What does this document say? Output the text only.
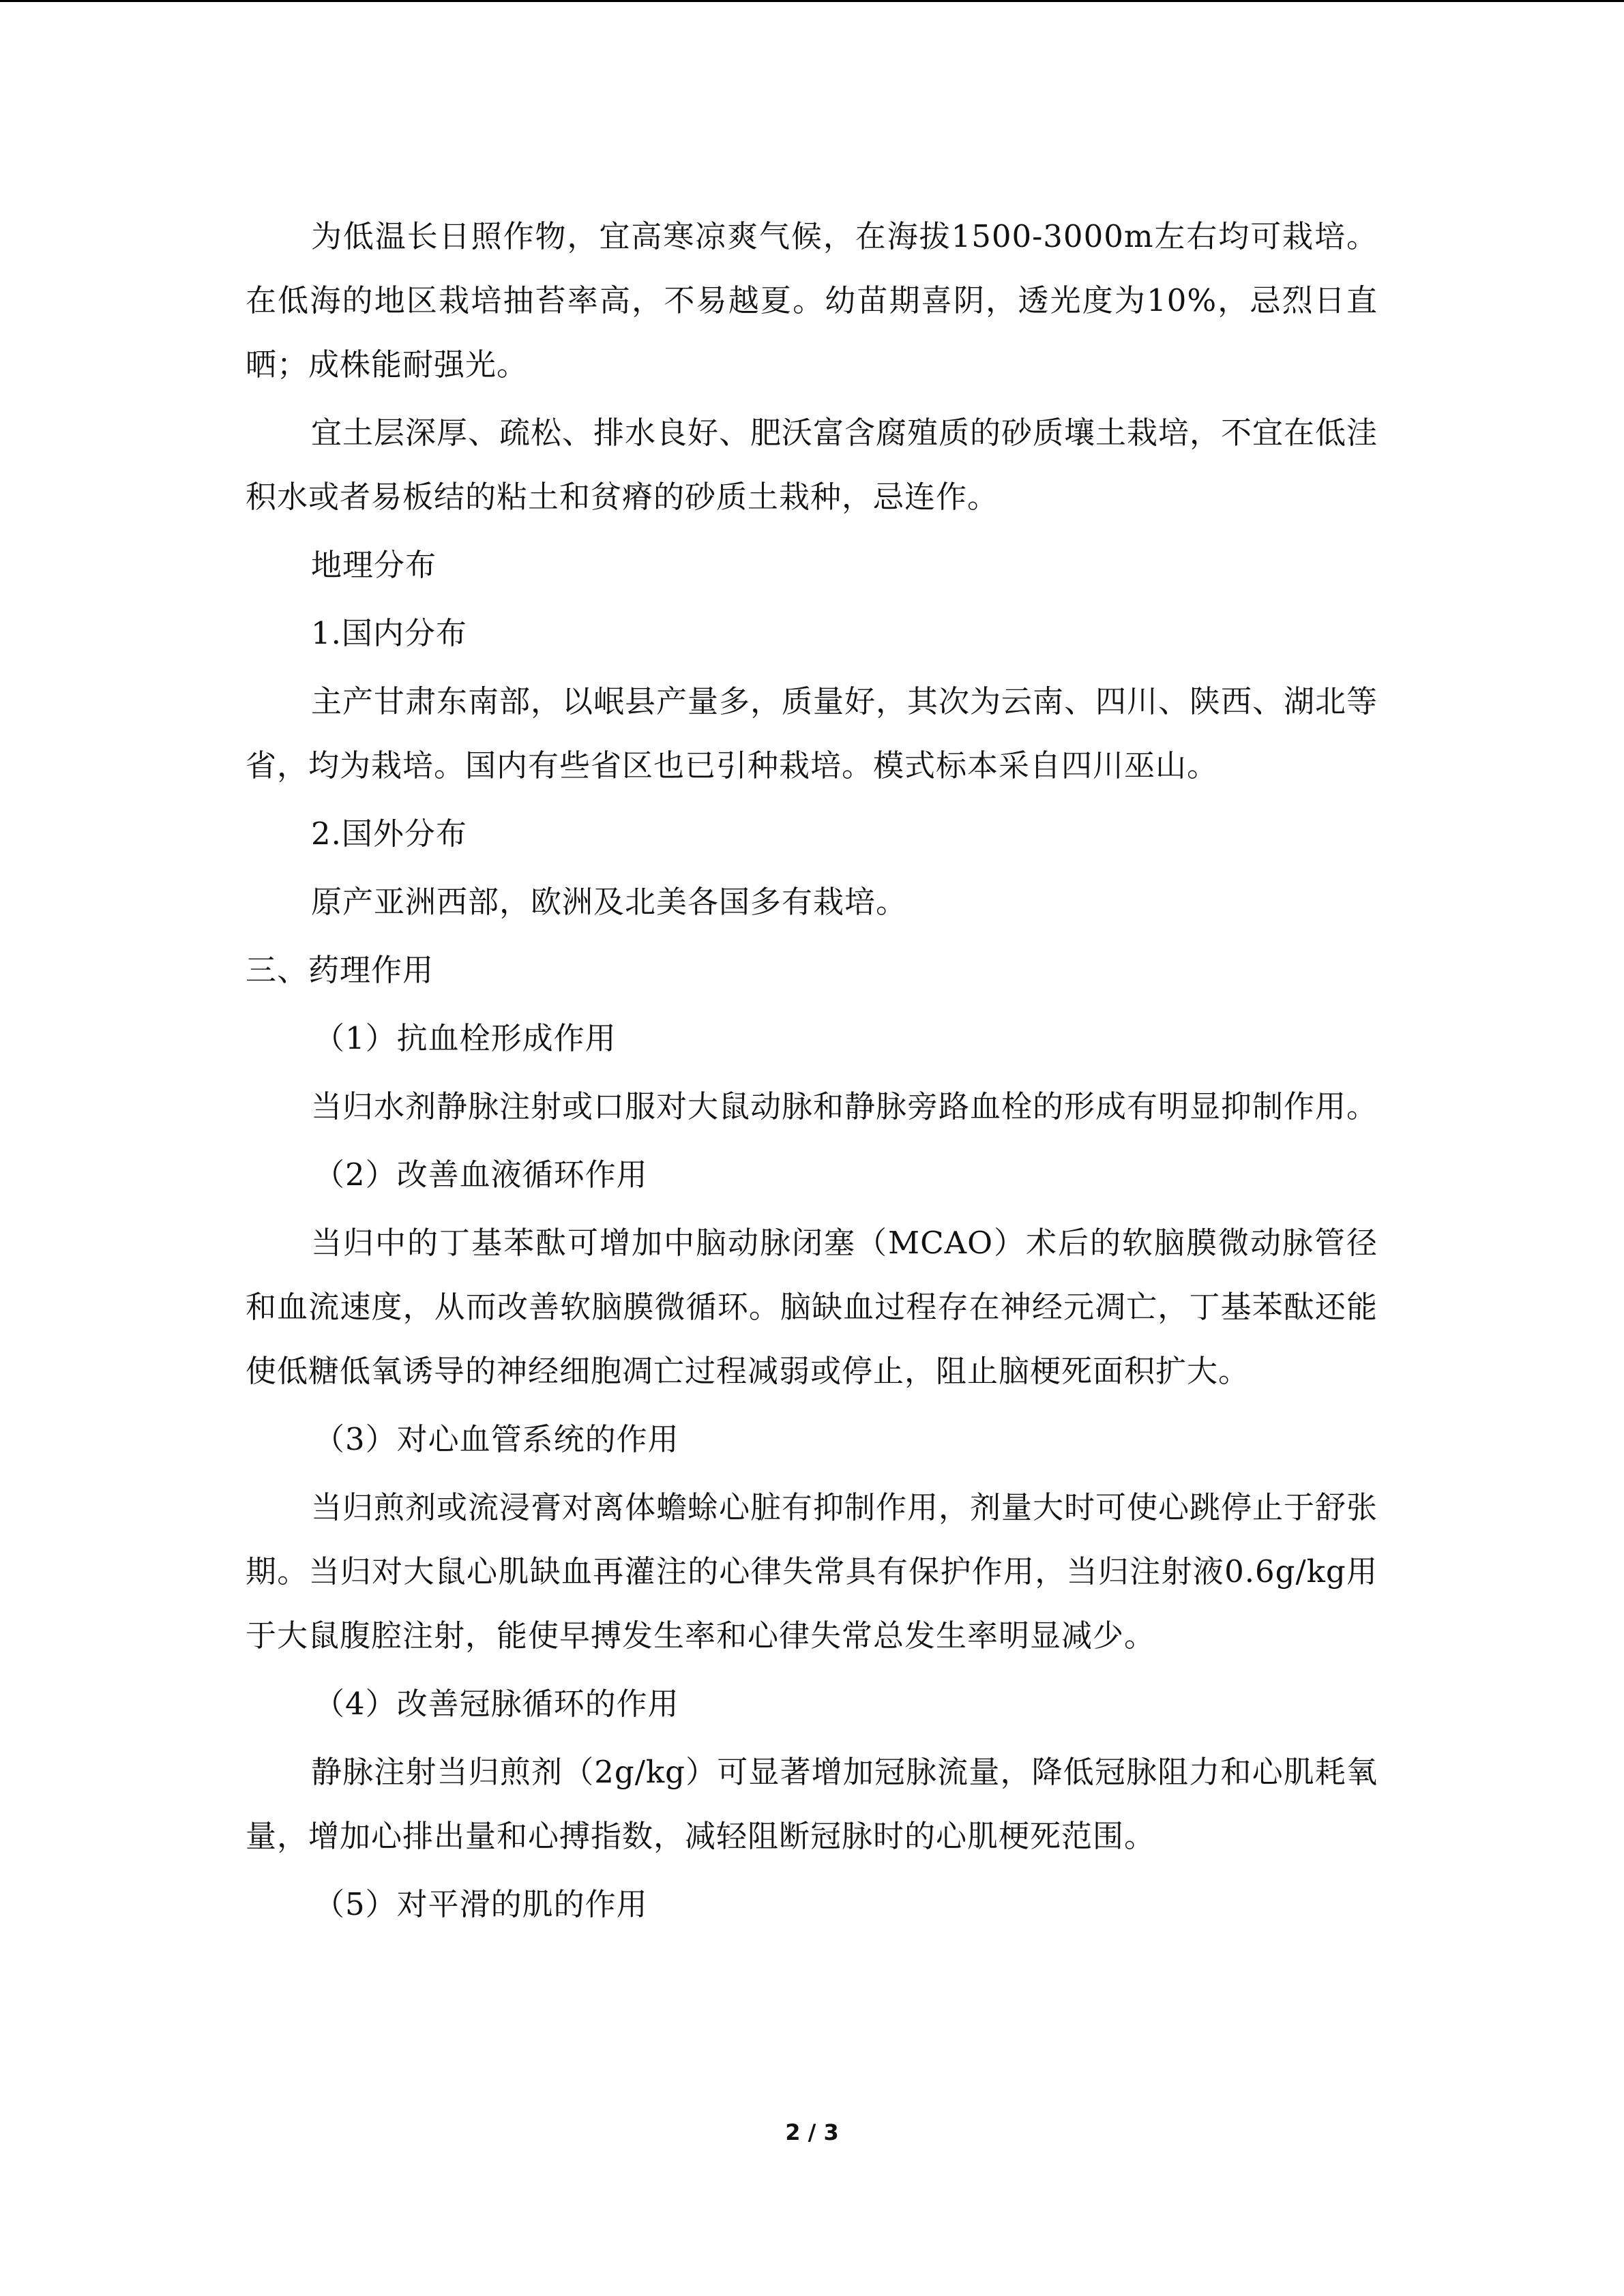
为低温长日照作物，宜高寒凉爽气候，在海拔1500-3000m左右均可栽培。在低海的地区栽培抽苔率高，不易越夏。幼苗期喜阴，透光度为10%，忌烈日直晒；成株能耐强光。

宜土层深厚、疏松、排水良好、肥沃富含腐殖质的砂质壤土栽培，不宜在低洼积水或者易板结的粘土和贫瘠的砂质土栽种，忌连作。

地理分布

1.国内分布

主产甘肃东南部，以岷县产量多，质量好，其次为云南、四川、陕西、湖北等省，均为栽培。国内有些省区也已引种栽培。模式标本采自四川巫山。

2.国外分布

原产亚洲西部，欧洲及北美各国多有栽培。

三、药理作用

（1）抗血栓形成作用

当归水剂静脉注射或口服对大鼠动脉和静脉旁路血栓的形成有明显抑制作用。

（2）改善血液循环作用

当归中的丁基苯酞可增加中脑动脉闭塞（MCAO）术后的软脑膜微动脉管径和血流速度，从而改善软脑膜微循环。脑缺血过程存在神经元凋亡，丁基苯酞还能使低糖低氧诱导的神经细胞凋亡过程减弱或停止，阻止脑梗死面积扩大。

（3）对心血管系统的作用

当归煎剂或流浸膏对离体蟾蜍心脏有抑制作用，剂量大时可使心跳停止于舒张期。当归对大鼠心肌缺血再灌注的心律失常具有保护作用，当归注射液0.6g/kg用于大鼠腹腔注射，能使早搏发生率和心律失常总发生率明显减少。

（4）改善冠脉循环的作用

静脉注射当归煎剂（2g/kg）可显著增加冠脉流量，降低冠脉阻力和心肌耗氧量，增加心排出量和心搏指数，减轻阻断冠脉时的心肌梗死范围。

（5）对平滑的肌的作用

2 / 3
